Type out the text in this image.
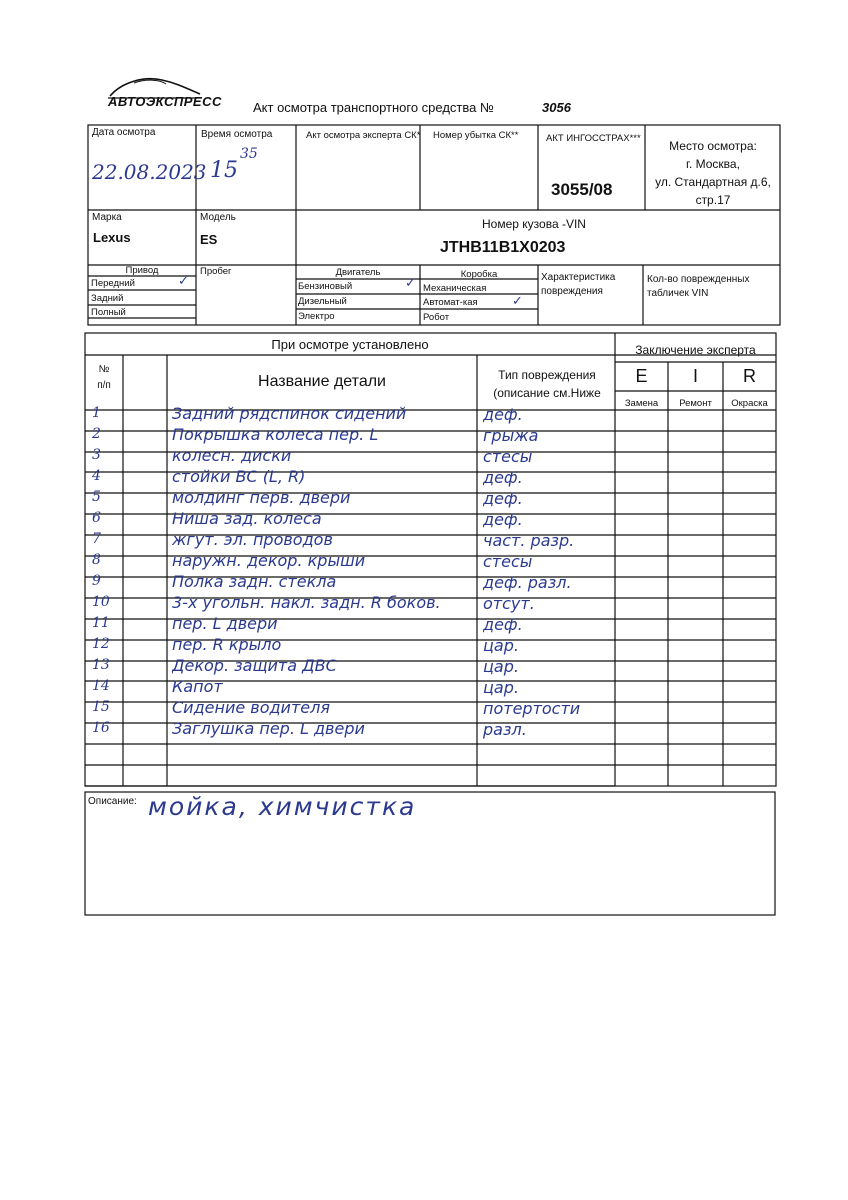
АВТОЭКСПРЕСС Акт осмотра транспортного средства №	3056
Дата осмотра
22.08.2023
Время осмотра
15
35
Акт осмотра эксперта СК* Номер убытка СК**	АКТ ИНГОССТРАХ***
3055/08
Место осмотра:
г. Москва,
ул. Стандартная д.6,
стр.17
Марка
Lexus
Модель
ES
Номер кузова -VIN
JTHB11B1X0203
Привод
Передний	✓
Задний
Полный
Пробег	Двигатель
Бензиновый	✓
Дизельный
Электро
Коробка
Механическая
Автомат-кая	✓
Робот
Характеристика повреждения
Кол-во поврежденных табличек VIN
При осмотре установлено	Заключение эксперта
№ п/п	Название детали	Тип повреждения (описание см.Ниже
E	I	R
Замена	Ремонт	Окраска
1	Задний рядспинок сидений	деф.
2	Покрышка колеса пер. L	грыжа
3	колесн. диски	стесы
4	стойки BC (L, R)	деф.
5	молдинг перв. двери	деф.
6	Ниша зад. колеса	деф.
7	жгут. эл. проводов	част. разр.
8	наружн. декор. крыши	стесы
9	Полка задн. стекла	деф. разл.
10	3-х угольн. накл. задн. R боков.	отсут.
11	пер. L двери	деф.
12	пер. R крыло	цар.
13	Декор. защита ДВС	цар.
14	Капот	цар.
15	Сидение водителя	потертости
16	Заглушка пер. L двери	разл.
Описание: мойка, химчистка
